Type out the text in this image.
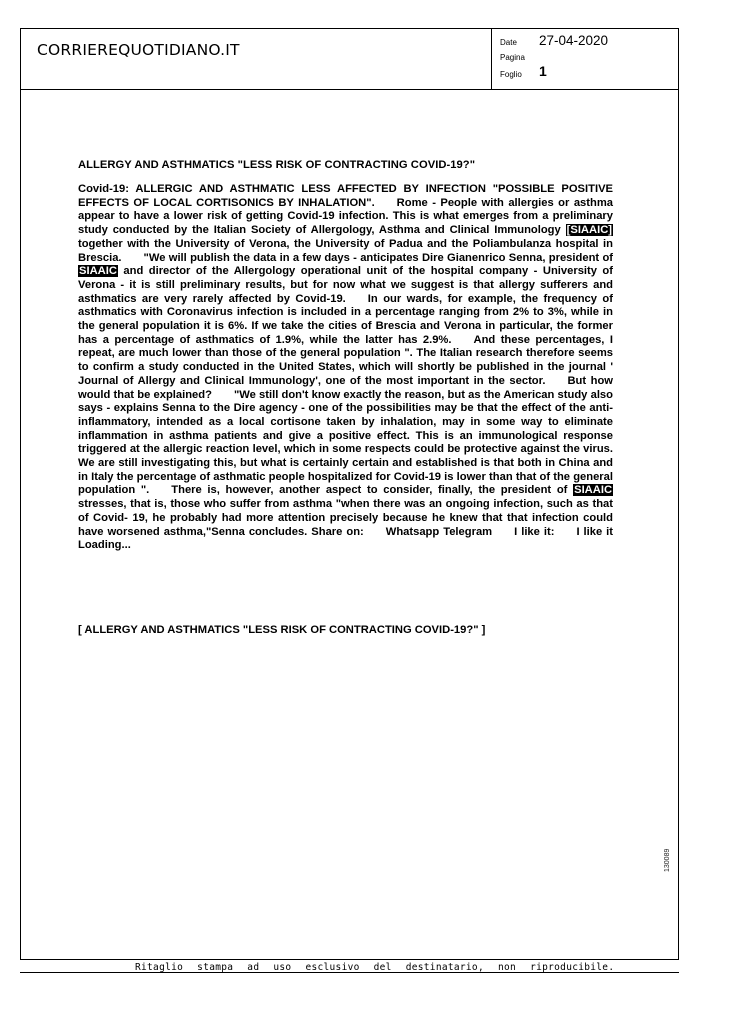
CORRIEREQUOTIDIANO.IT	Date 27-04-2020
Pagina
Foglio 1
ALLERGY AND ASTHMATICS "LESS RISK OF CONTRACTING COVID-19?"

Covid-19: ALLERGIC AND ASTHMATIC LESS AFFECTED BY INFECTION "POSSIBLE POSITIVE EFFECTS OF LOCAL CORTISONICS BY INHALATION". Rome - People with allergies or asthma appear to have a lower risk of getting Covid-19 infection. This is what emerges from a preliminary study conducted by the Italian Society of Allergology, Asthma and Clinical Immunology [SIAAIC] together with the University of Verona, the University of Padua and the Poliambulanza hospital in Brescia. "We will publish the data in a few days - anticipates Dire Gianenrico Senna, president of SIAAIC and director of the Allergology operational unit of the hospital company - University of Verona - it is still preliminary results, but for now what we suggest is that allergy sufferers and asthmatics are very rarely affected by Covid-19. In our wards, for example, the frequency of asthmatics with Coronavirus infection is included in a percentage ranging from 2% to 3%, while in the general population it is 6%. If we take the cities of Brescia and Verona in particular, the former has a percentage of asthmatics of 1.9%, while the latter has 2.9%. And these percentages, I repeat, are much lower than those of the general population ". The Italian research therefore seems to confirm a study conducted in the United States, which will shortly be published in the journal ' Journal of Allergy and Clinical Immunology', one of the most important in the sector. But how would that be explained? "We still don't know exactly the reason, but as the American study also says - explains Senna to the Dire agency - one of the possibilities may be that the effect of the anti-inflammatory, intended as a local cortisone taken by inhalation, may in some way to eliminate inflammation in asthma patients and give a positive effect. This is an immunological response triggered at the allergic reaction level, which in some respects could be protective against the virus. We are still investigating this, but what is certainly certain and established is that both in China and in Italy the percentage of asthmatic people hospitalized for Covid-19 is lower than that of the general population ". There is, however, another aspect to consider, finally, the president of SIAAIC stresses, that is, those who suffer from asthma "when there was an ongoing infection, such as that of Covid- 19, he probably had more attention precisely because he knew that that infection could have worsened asthma,"Senna concludes. Share on: Whatsapp Telegram I like it: I like it Loading...

[ ALLERGY AND ASTHMATICS "LESS RISK OF CONTRACTING COVID-19?" ]
130089
Ritaglio stampa ad uso esclusivo del destinatario, non riproducibile.
